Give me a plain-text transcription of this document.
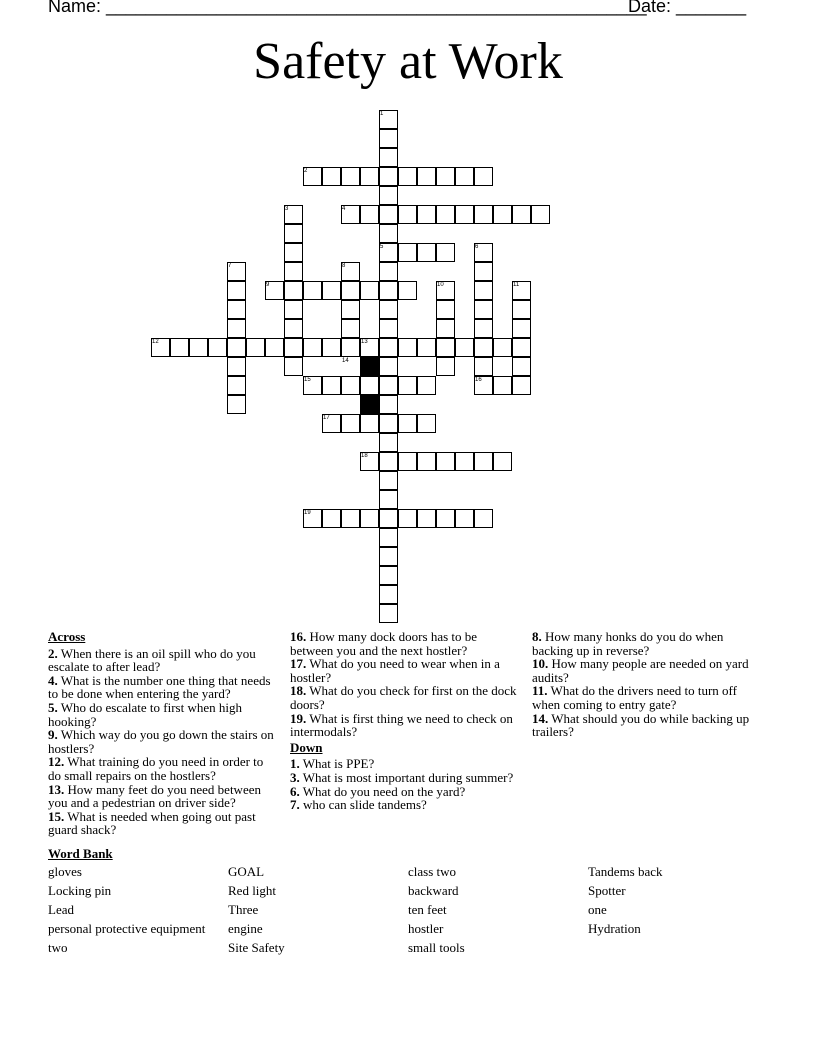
Name: ______________________________________________________
Date: _______
Safety at Work
1
2
3	4
5	6
7	8
9	10	11
12	13
14
15	16
17
18
19
Across
2. When there is an oil spill who do you escalate to after lead?
4. What is the number one thing that needs to be done when entering the yard?
5. Who do escalate to first when high hooking?
9. Which way do you go down the stairs on hostlers?
12. What training do you need in order to do small repairs on the hostlers?
13. How many feet do you need between you and a pedestrian on driver side?
15. What is needed when going out past guard shack?
16. How many dock doors has to be between you and the next hostler?
17. What do you need to wear when in a hostler?
18. What do you check for first on the dock doors?
19. What is first thing we need to check on intermodals?
Down
1. What is PPE?
3. What is most important during summer?
6. What do you need on the yard?
7. who can slide tandems?
8. How many honks do you do when backing up in reverse?
10. How many people are needed on yard audits?
11. What do the drivers need to turn off when coming to entry gate?
14. What should you do while backing up trailers?
Word Bank
gloves
Locking pin
Lead
personal protective equipment
two
GOAL
Red light
Three
engine
Site Safety
class two
backward
ten feet
hostler
small tools
Tandems back
Spotter
one
Hydration
